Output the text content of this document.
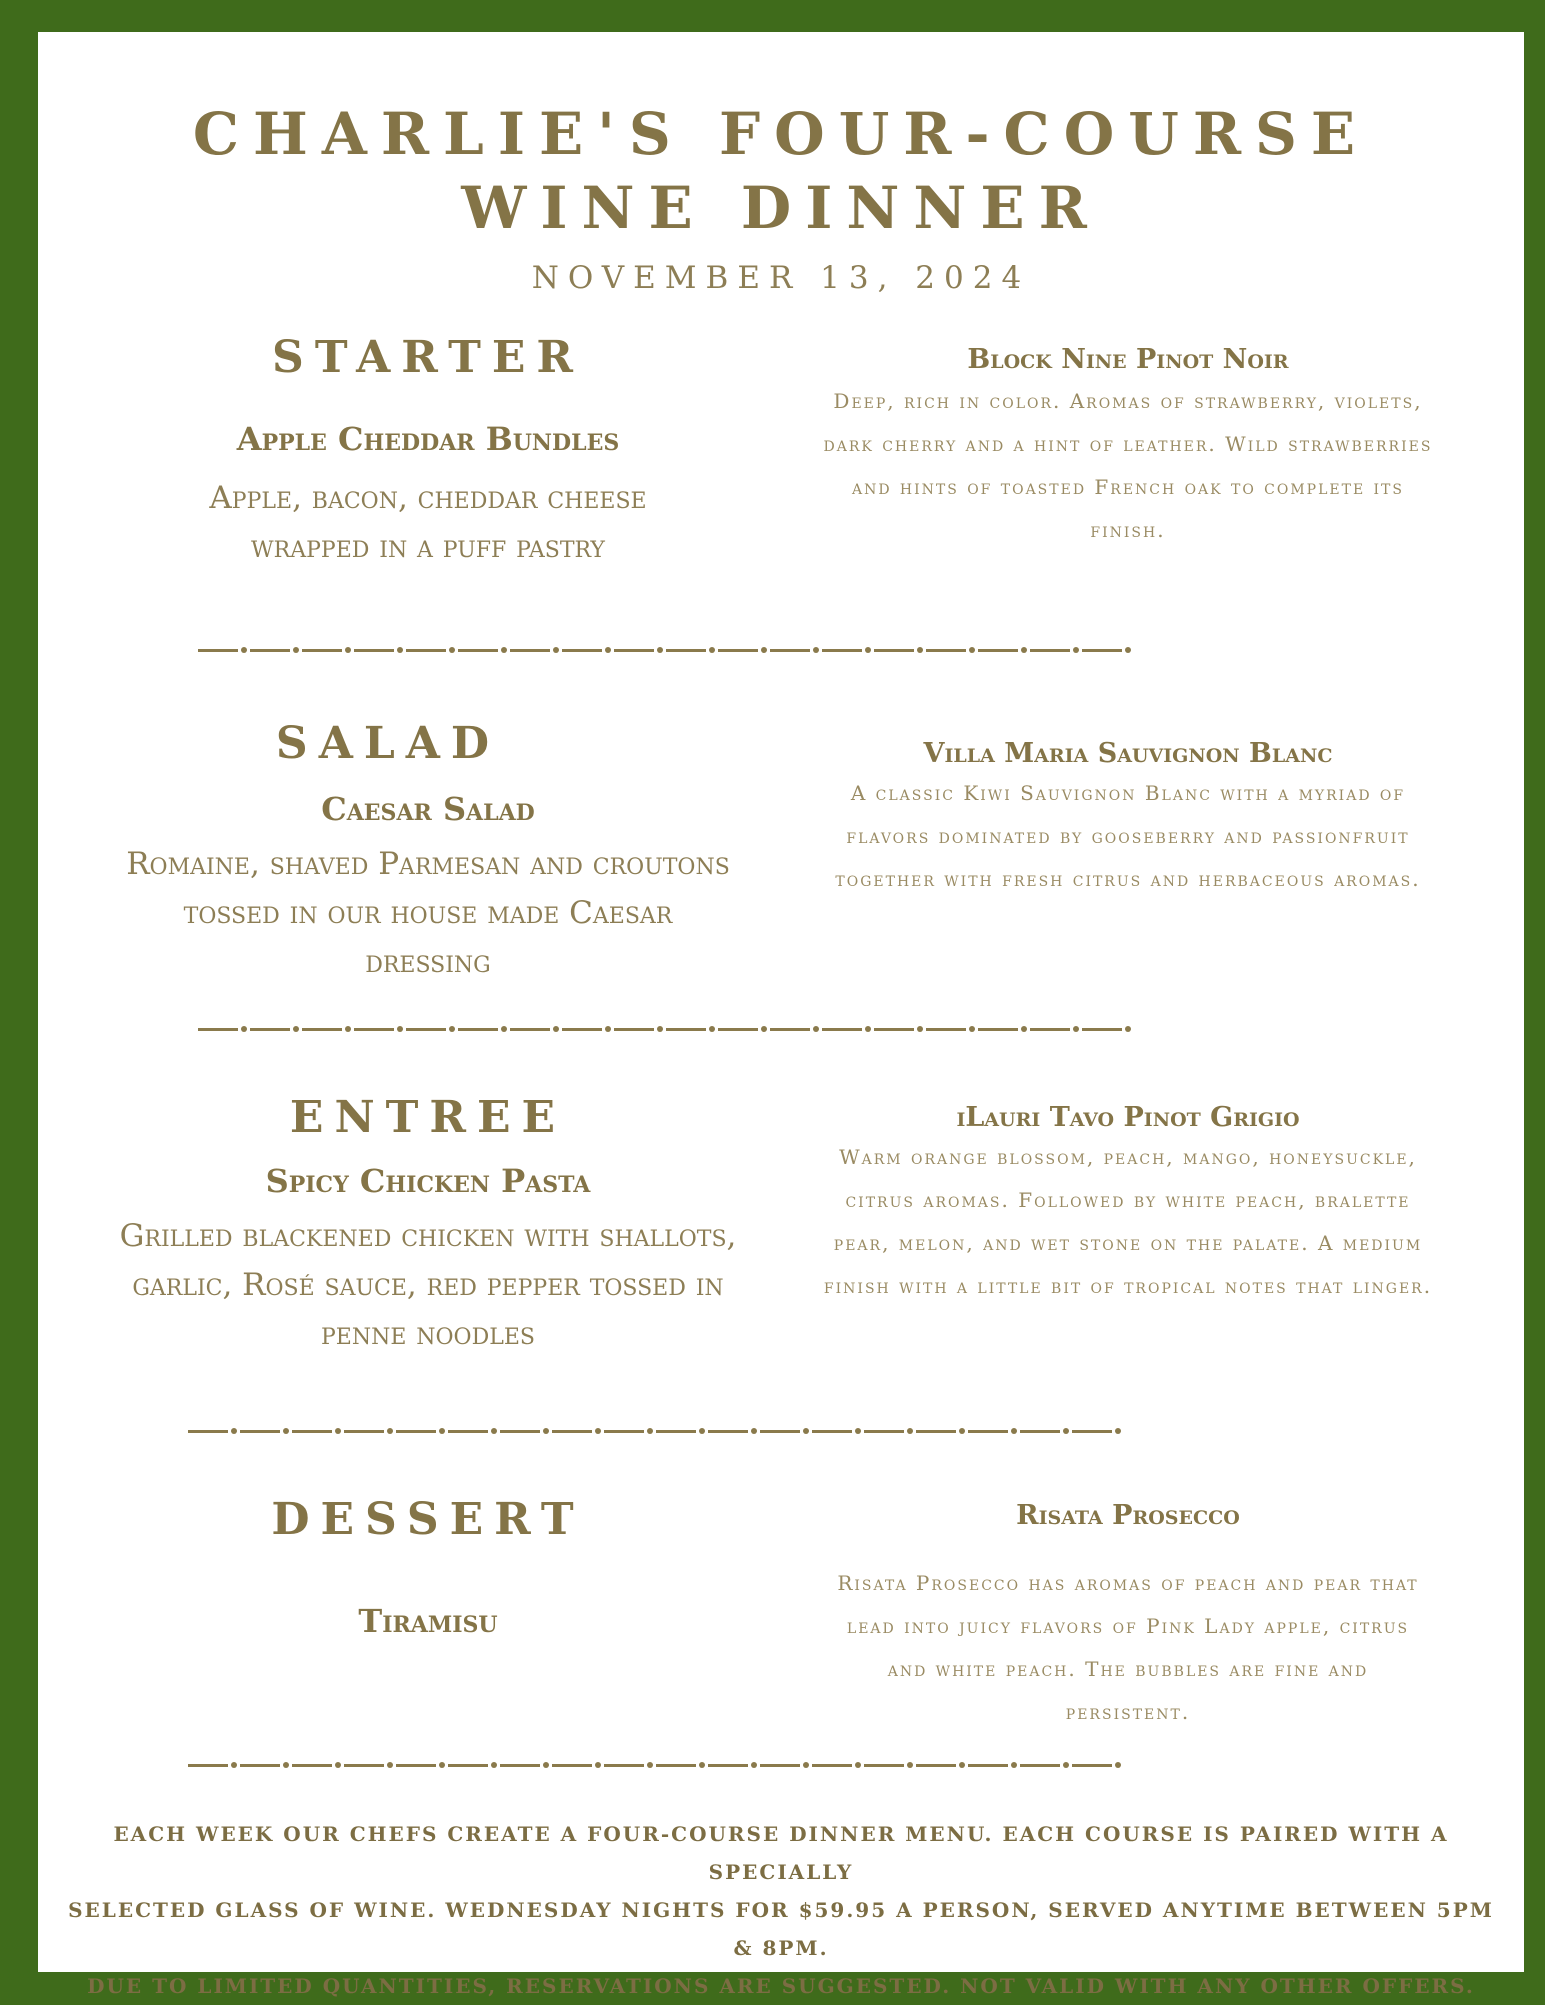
CHARLIE'S FOUR-COURSE
WINE DINNER
NOVEMBER 13, 2024
STARTER
Apple Cheddar Bundles
Apple, bacon, cheddar cheese wrapped in a puff pastry
Block Nine Pinot Noir
Deep, rich in color. Aromas of strawberry, violets, dark cherry and a hint of leather. Wild strawberries and hints of toasted French oak to complete its finish.
SALAD
Caesar Salad
Romaine, shaved Parmesan and croutons tossed in our house made Caesar dressing
Villa Maria Sauvignon Blanc
A classic Kiwi Sauvignon Blanc with a myriad of flavors dominated by gooseberry and passionfruit together with fresh citrus and herbaceous aromas.
ENTREE
Spicy Chicken Pasta
Grilled blackened chicken with shallots, garlic, Rosé sauce, red pepper tossed in penne noodles
iLauri Tavo Pinot Grigio
Warm orange blossom, peach, mango, honeysuckle, citrus aromas. Followed by white peach, bralette pear, melon, and wet stone on the palate. A medium finish with a little bit of tropical notes that linger.
DESSERT
Tiramisu
Risata Prosecco
Risata Prosecco has aromas of peach and pear that lead into juicy flavors of Pink Lady apple, citrus and white peach. The bubbles are fine and persistent.
EACH WEEK OUR CHEFS CREATE A FOUR-COURSE DINNER MENU. EACH COURSE IS PAIRED WITH A SPECIALLY
SELECTED GLASS OF WINE. WEDNESDAY NIGHTS FOR $59.95 A PERSON, SERVED ANYTIME BETWEEN 5PM & 8PM.
DUE TO LIMITED QUANTITIES, RESERVATIONS ARE SUGGESTED. NOT VALID WITH ANY OTHER OFFERS.
